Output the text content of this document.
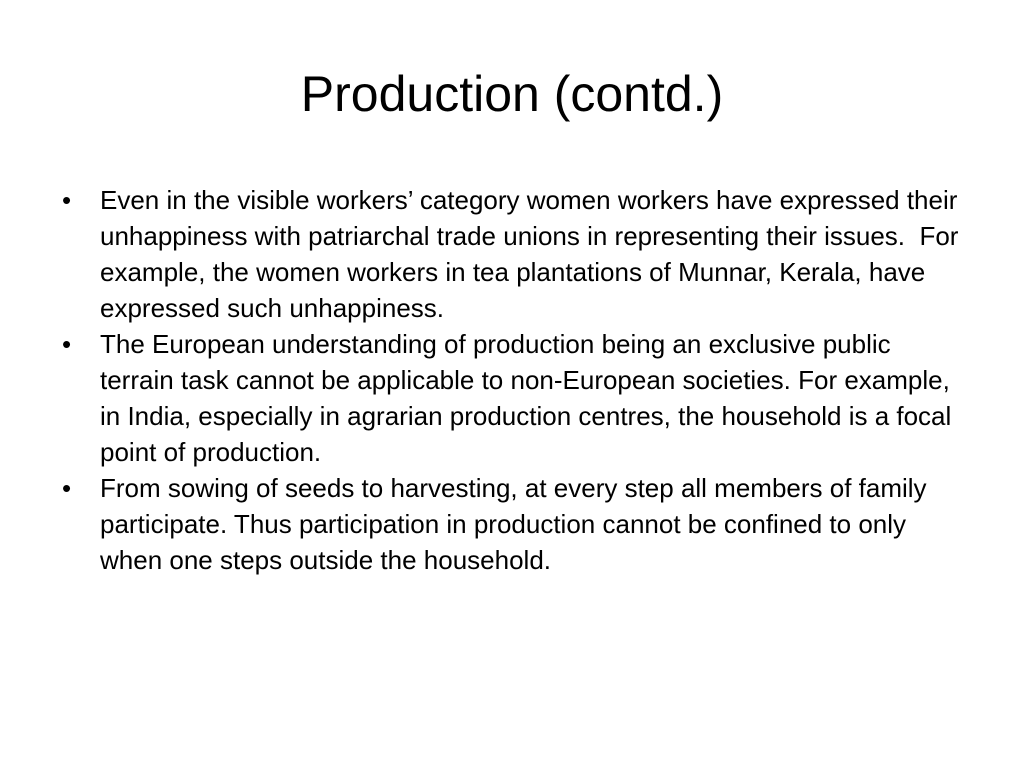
Production (contd.)
•	Even in the visible workers’ category women workers have expressed their unhappiness with patriarchal trade unions in representing their issues.  For example, the women workers in tea plantations of Munnar, Kerala, have expressed such unhappiness.
•	The European understanding of production being an exclusive public terrain task cannot be applicable to non-European societies. For example, in India, especially in agrarian production centres, the household is a focal point of production.
•	From sowing of seeds to harvesting, at every step all members of family participate. Thus participation in production cannot be confined to only when one steps outside the household.
